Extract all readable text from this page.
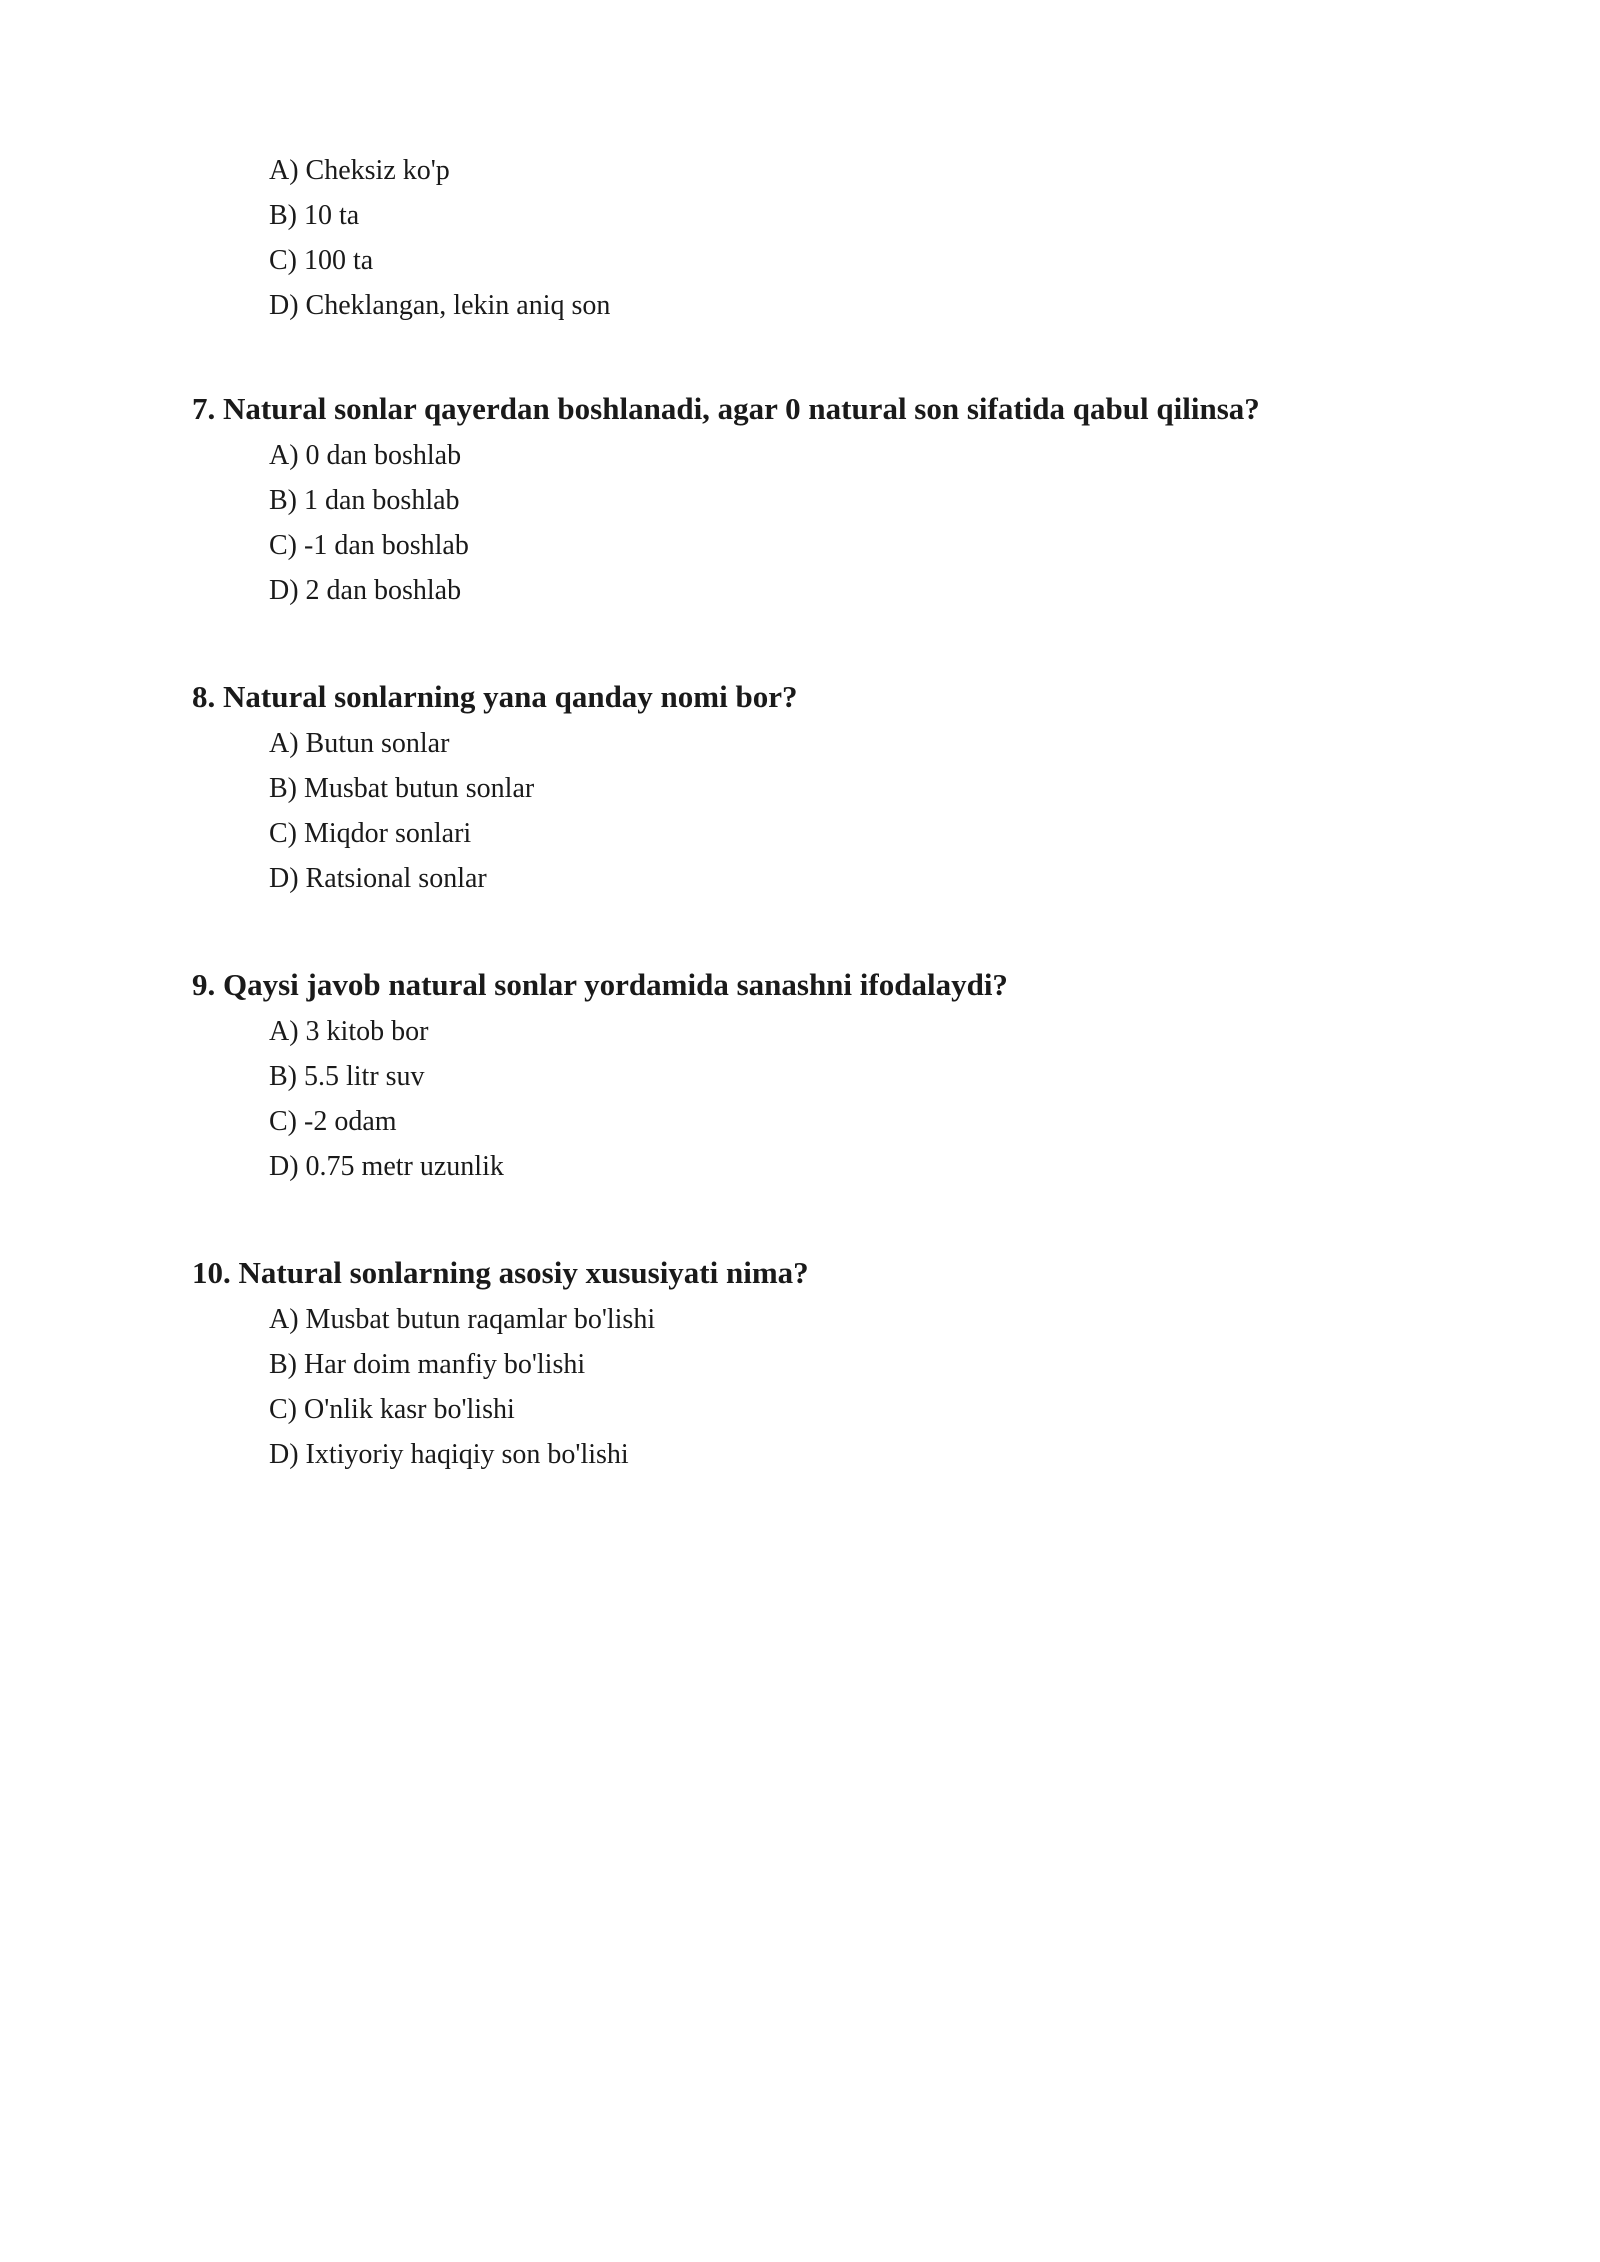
A) Cheksiz ko'p
B) 10 ta
C) 100 ta
D) Cheklangan, lekin aniq son

7. Natural sonlar qayerdan boshlanadi, agar 0 natural son sifatida qabul qilinsa?

A) 0 dan boshlab
B) 1 dan boshlab
C) -1 dan boshlab
D) 2 dan boshlab

8. Natural sonlarning yana qanday nomi bor?

A) Butun sonlar
B) Musbat butun sonlar
C) Miqdor sonlari
D) Ratsional sonlar

9. Qaysi javob natural sonlar yordamida sanashni ifodalaydi?

A) 3 kitob bor
B) 5.5 litr suv
C) -2 odam
D) 0.75 metr uzunlik

10. Natural sonlarning asosiy xususiyati nima?

A) Musbat butun raqamlar bo'lishi
B) Har doim manfiy bo'lishi
C) O'nlik kasr bo'lishi
D) Ixtiyoriy haqiqiy son bo'lishi
